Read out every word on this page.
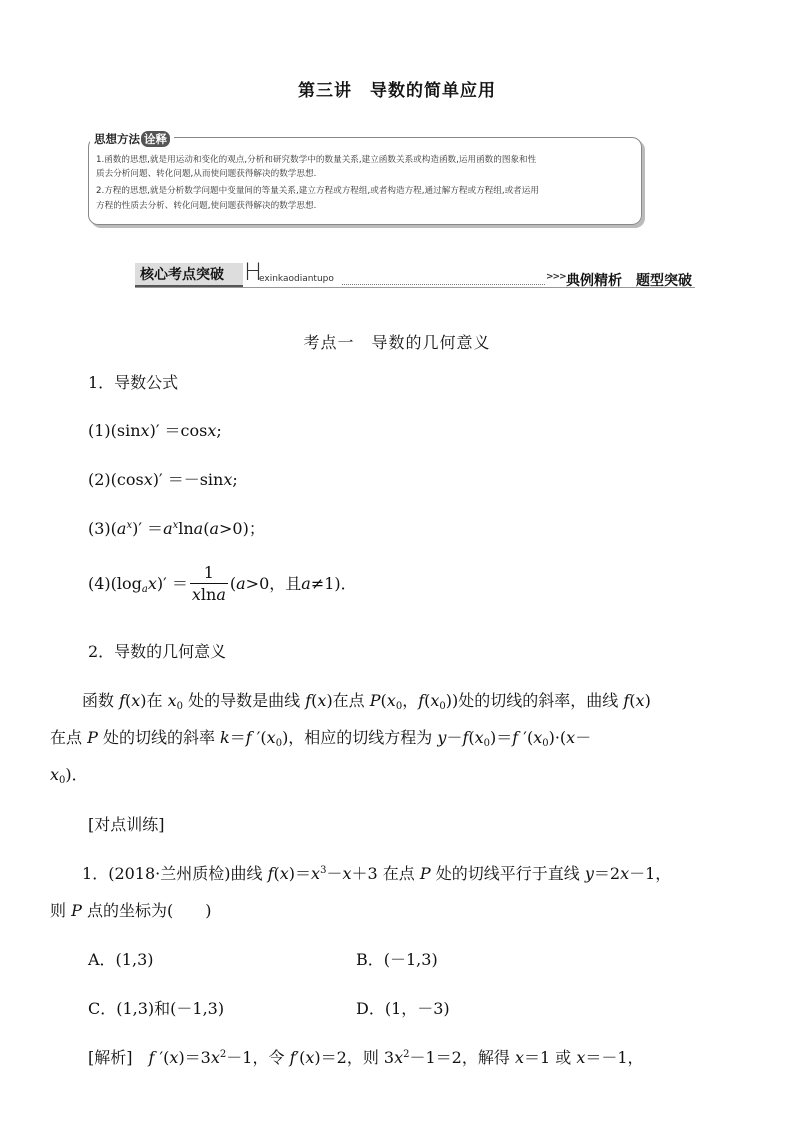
第三讲　导数的简单应用
思想方法 诠释
1.函数的思想,就是用运动和变化的观点,分析和研究数学中的数量关系,建立函数关系或构造函数,运用函数的图象和性
质去分析问题、转化问题,从而使问题获得解决的数学思想.
2.方程的思想,就是分析数学问题中变量间的等量关系,建立方程或方程组,或者构造方程,通过解方程或方程组,或者运用
方程的性质去分析、转化问题,使问题获得解决的数学思想.
核心考点突破 H
exinkaodiantupo	>>> 典例精析　题型突破
考点一　导数的几何意义
1．导数公式
(1)(sinx)′ ＝cosx;
(2)(cosx)′ ＝－sinx;
$(3)(a^x)' =a^x\ln a(a>0)$；
$(4)(\log_ax)' = \frac{1}{xlna} (a>0$，且a≠1)．
2．导数的几何意义
　　函数 f(x)在 $x_0$ 处的导数是曲线 f(x)在点 $P(x_0$，$f(x_0)$)处的切线的斜率，曲线 f(x)
在点 P 处的切线的斜率 k＝f $'(x_0)$，相应的切线方程为 $y-f(x_0)=f$ $'(x_0)\cdot(x-$
$x_0$)．
[对点训练]
　　1．(2018·兰州质检)曲线 $f(x)=x^3-x+3$ 在点 P 处的切线平行于直线 y＝2x－1，
则 P 点的坐标为(　　)
A．(1,3)	B．(－1,3)
C．(1,3)和(－1,3)	D．(1，－3)
[解析]　 f $'(x)=3x^2-1$，令 f′(x)＝2，则 $3x^2-1=2$，解得 x＝1 或 x＝－1，
